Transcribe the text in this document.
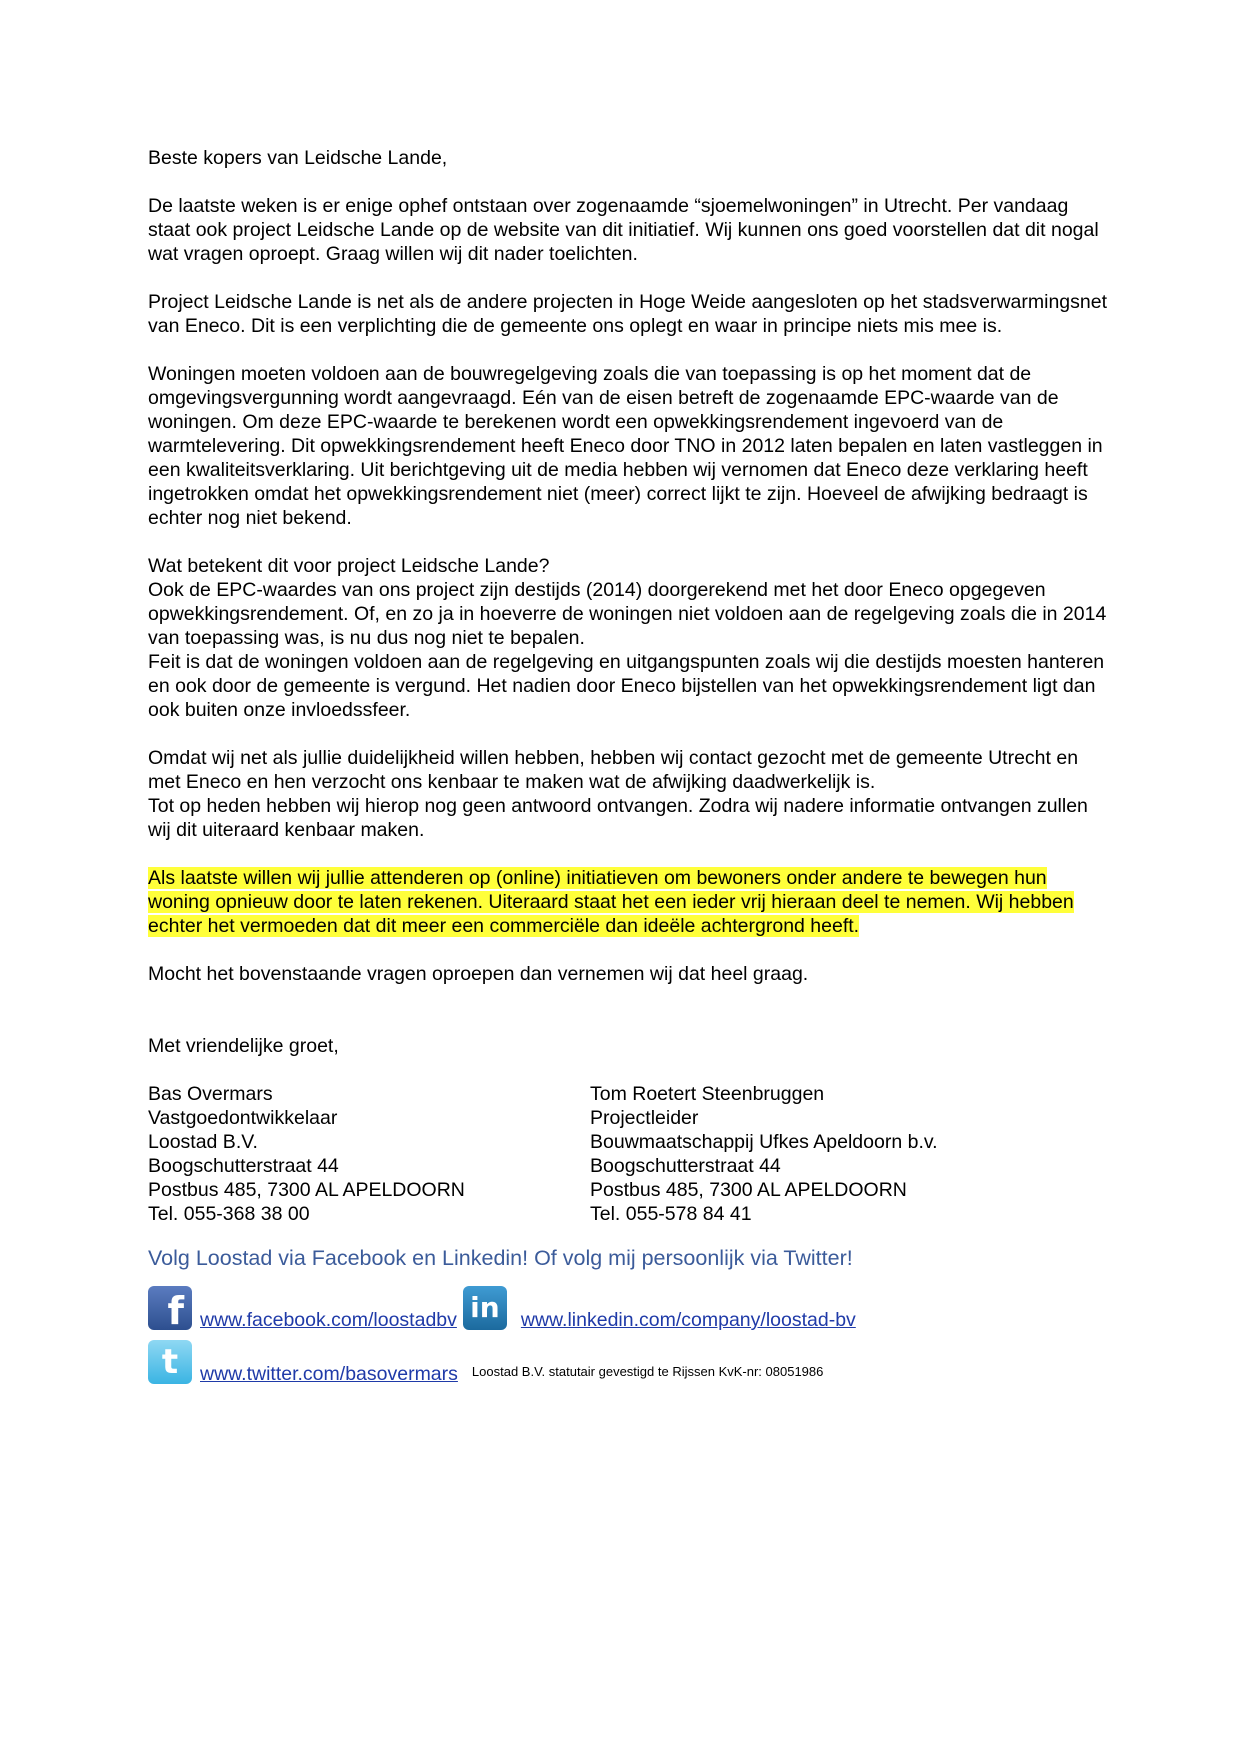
Beste kopers van Leidsche Lande,

De laatste weken is er enige ophef ontstaan over zogenaamde “sjoemelwoningen” in Utrecht. Per vandaag staat ook project Leidsche Lande op de website van dit initiatief. Wij kunnen ons goed voorstellen dat dit nogal wat vragen oproept. Graag willen wij dit nader toelichten.

Project Leidsche Lande is net als de andere projecten in Hoge Weide aangesloten op het stadsverwarmingsnet van Eneco. Dit is een verplichting die de gemeente ons oplegt en waar in principe niets mis mee is.

Woningen moeten voldoen aan de bouwregelgeving zoals die van toepassing is op het moment dat de omgevingsvergunning wordt aangevraagd. Eén van de eisen betreft de zogenaamde EPC-waarde van de woningen. Om deze EPC-waarde te berekenen wordt een opwekkingsrendement ingevoerd van de warmtelevering. Dit opwekkingsrendement heeft Eneco door TNO in 2012 laten bepalen en laten vastleggen in een kwaliteitsverklaring. Uit berichtgeving uit de media hebben wij vernomen dat Eneco deze verklaring heeft ingetrokken omdat het opwekkingsrendement niet (meer) correct lijkt te zijn. Hoeveel de afwijking bedraagt is echter nog niet bekend.

Wat betekent dit voor project Leidsche Lande?
Ook de EPC-waardes van ons project zijn destijds (2014) doorgerekend met het door Eneco opgegeven opwekkingsrendement. Of, en zo ja in hoeverre de woningen niet voldoen aan de regelgeving zoals die in 2014 van toepassing was, is nu dus nog niet te bepalen.
Feit is dat de woningen voldoen aan de regelgeving en uitgangspunten zoals wij die destijds moesten hanteren en ook door de gemeente is vergund. Het nadien door Eneco bijstellen van het opwekkingsrendement ligt dan ook buiten onze invloedssfeer.

Omdat wij net als jullie duidelijkheid willen hebben, hebben wij contact gezocht met de gemeente Utrecht en met Eneco en hen verzocht ons kenbaar te maken wat de afwijking daadwerkelijk is.
Tot op heden hebben wij hierop nog geen antwoord ontvangen. Zodra wij nadere informatie ontvangen zullen wij dit uiteraard kenbaar maken.

Als laatste willen wij jullie attenderen op (online) initiatieven om bewoners onder andere te bewegen hun woning opnieuw door te laten rekenen. Uiteraard staat het een ieder vrij hieraan deel te nemen. Wij hebben echter het vermoeden dat dit meer een commerciële dan ideële achtergrond heeft.

Mocht het bovenstaande vragen oproepen dan vernemen wij dat heel graag.

Met vriendelijke groet,

Bas Overmars
Vastgoedontwikkelaar
Loostad B.V.
Boogschutterstraat 44
Postbus 485, 7300 AL APELDOORN
Tel. 055-368 38 00
Tom Roetert Steenbruggen
Projectleider
Bouwmaatschappij Ufkes Apeldoorn b.v.
Boogschutterstraat 44
Postbus 485, 7300 AL APELDOORN
Tel. 055-578 84 41
Volg Loostad via Facebook en Linkedin! Of volg mij persoonlijk via Twitter!
f www.facebook.com/loostadbv in	www.linkedin.com/company/loostad-bv
t	www.twitter.com/basovermars Loostad B.V. statutair gevestigd te Rijssen KvK-nr: 08051986
